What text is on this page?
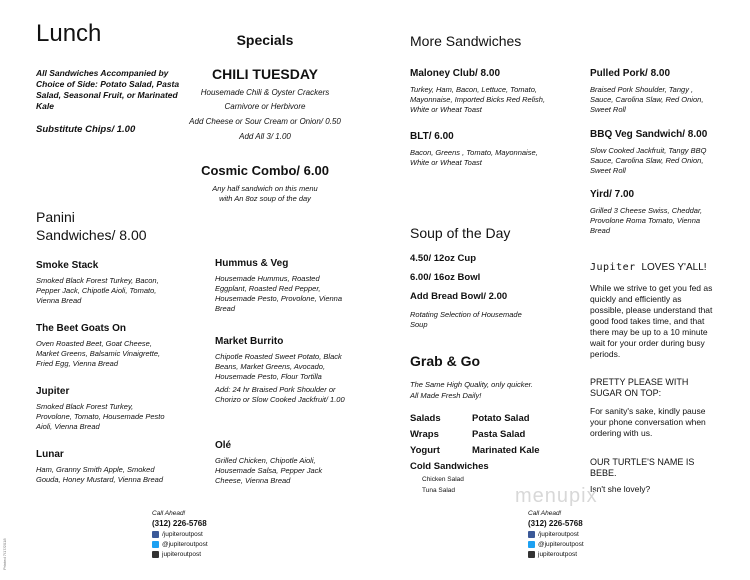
Lunch
All Sandwiches Accompanied by Choice of Side: Potato Salad, Pasta Salad, Seasonal Fruit, or Marinated Kale
Substitute Chips/ 1.00
Panini
Sandwiches/ 8.00
Smoke Stack
Smoked Black Forest Turkey, Bacon, Pepper Jack, Chipotle Aioli, Tomato, Vienna Bread
The Beet Goats On
Oven Roasted Beet, Goat Cheese, Market Greens, Balsamic Vinaigrette, Fried Egg, Vienna Bread
Jupiter
Smoked Black Forest Turkey, Provolone, Tomato, Housemade Pesto Aioli, Vienna Bread
Lunar
Ham, Granny Smith Apple, Smoked Gouda, Honey Mustard, Vienna Bread
Hummus & Veg
Housemade Hummus, Roasted Eggplant, Roasted Red Pepper, Housemade Pesto, Provolone, Vienna Bread
Market Burrito
Chipotle Roasted Sweet Potato, Black Beans, Market Greens, Avocado, Housemade Pesto, Flour Tortilla
Add: 24 hr Braised Pork Shoulder or Chorizo or Slow Cooked Jackfruit/ 1.00
Olé
Grilled Chicken, Chipotle Aioli, Housemade Salsa, Pepper Jack Cheese, Vienna Bread
Specials
CHILI TUESDAY
Housemade Chili & Oyster Crackers
Carnivore or Herbivore
Add Cheese or Sour Cream or Onion/ 0.50
Add All 3/ 1.00
Cosmic Combo/ 6.00
Any half sandwich on this menu with An 8oz soup of the day
Call Ahead!
(312) 226-5768
/jupiteroutpost
@jupiteroutpost
jupiteroutpost
Printed 7/17/2018
More Sandwiches
Maloney Club/ 8.00
Turkey, Ham, Bacon, Lettuce, Tomato, Mayonnaise, Imported Bicks Red Relish, White or Wheat Toast
BLT/ 6.00
Bacon, Greens , Tomato, Mayonnaise, White or Wheat Toast
Pulled Pork/ 8.00
Braised Pork Shoulder, Tangy , Sauce, Carolina Slaw, Red Onion, Sweet Roll
BBQ Veg Sandwich/ 8.00
Slow Cooked Jackfruit, Tangy BBQ Sauce, Carolina Slaw, Red Onion, Sweet Roll
Yird/ 7.00
Grilled 3 Cheese Swiss, Cheddar, Provolone Roma Tomato, Vienna Bread
Soup of the Day
4.50/ 12oz Cup
6.00/ 16oz Bowl
Add Bread Bowl/ 2.00
Rotating Selection of Housemade Soup
Grab & Go
The Same High Quality, only quicker.
All Made Fresh Daily!
Salads	Potato Salad
Wraps	Pasta Salad
Yogurt	Marinated Kale
Cold Sandwiches
Chicken Salad
Tuna Salad
Jupiter LOVES Y'ALL!
While we strive to get you fed as quickly and efficiently as possible, please understand that good food takes time, and that there may be up to a 10 minute wait for your order during busy periods.
PRETTY PLEASE WITH SUGAR ON TOP:
For sanity's sake, kindly pause your phone conversation when ordering with us.
OUR TURTLE'S NAME IS BEBE.
Isn't she lovely?
Call Ahead!
(312) 226-5768
/jupiteroutpost
@jupiteroutpost
jupiteroutpost
menupix
